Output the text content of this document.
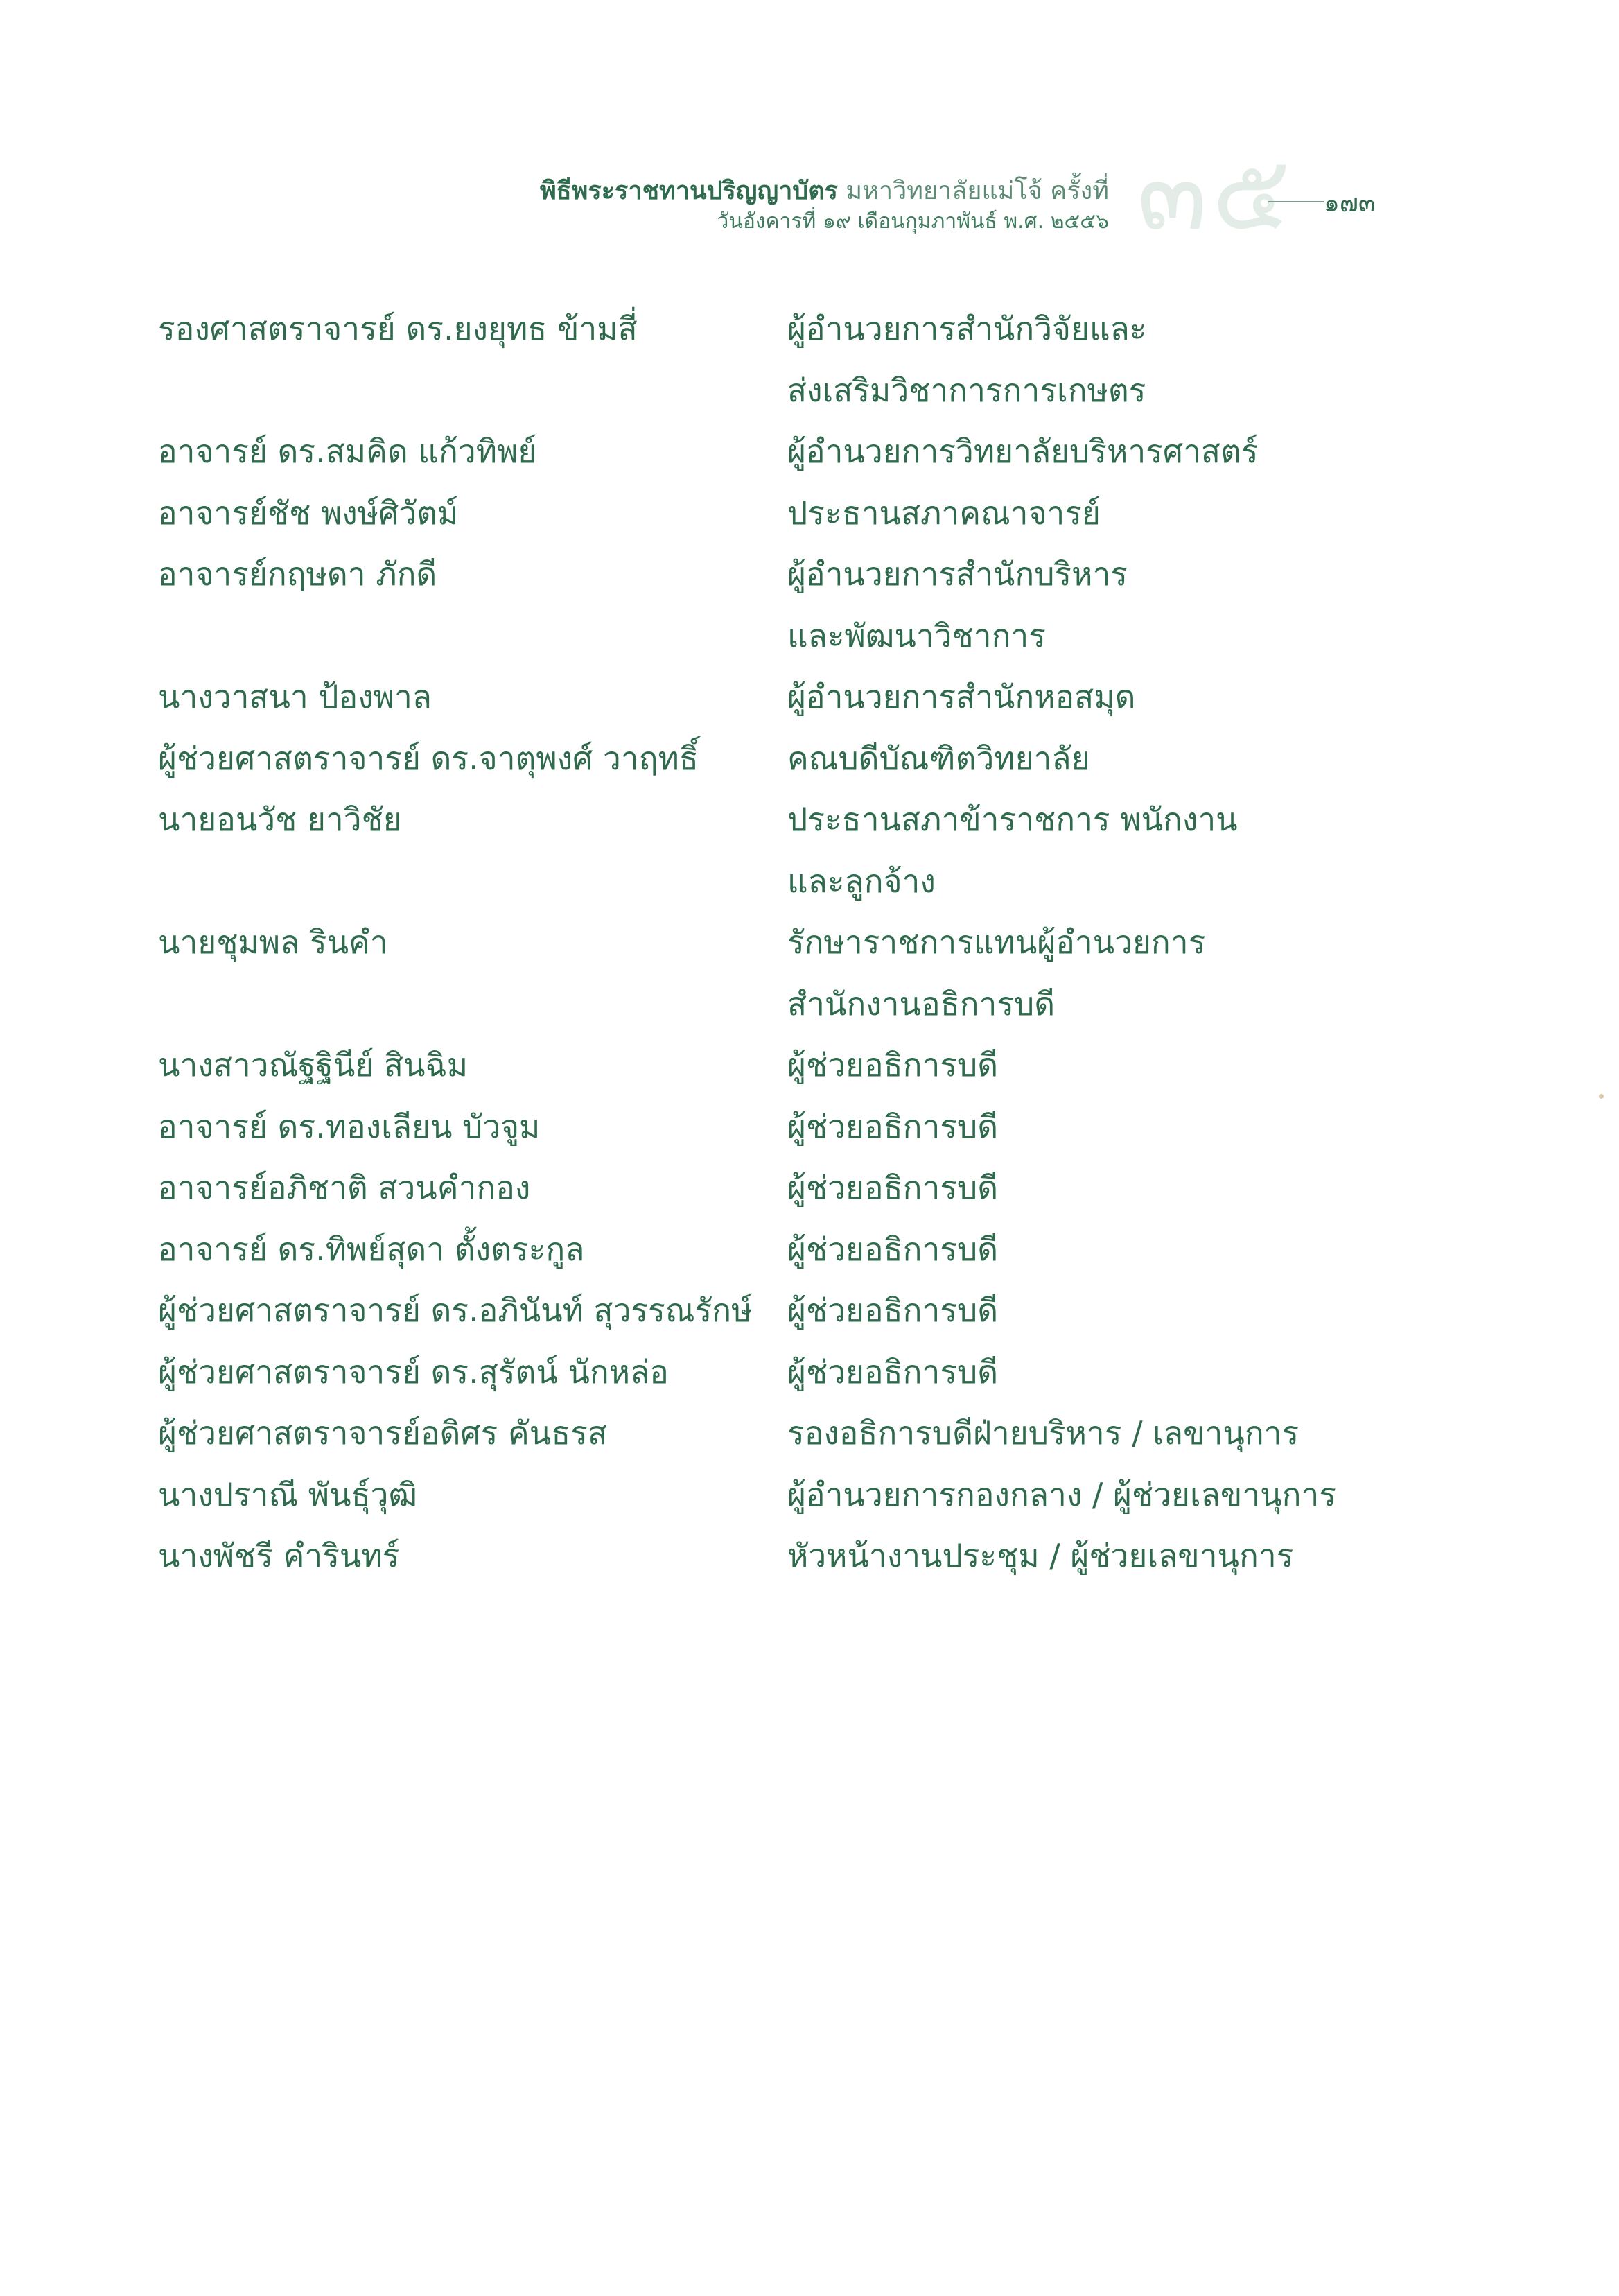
๓๕
พิธีพระราชทานปริญญาบัตร มหาวิทยาลัยแม่โจ้ ครั้งที่
วันอังคารที่ ๑๙ เดือนกุมภาพันธ์ พ.ศ. ๒๕๕๖
๑๗๓
รองศาสตราจารย์ ดร.ยงยุทธ ข้ามสี่	ผู้อำนวยการสำนักวิจัยและ
ส่งเสริมวิชาการการเกษตร
อาจารย์ ดร.สมคิด แก้วทิพย์	ผู้อำนวยการวิทยาลัยบริหารศาสตร์
อาจารย์ชัช พงษ์ศิวัตม์	ประธานสภาคณาจารย์
อาจารย์กฤษดา ภักดี	ผู้อำนวยการสำนักบริหาร
และพัฒนาวิชาการ
นางวาสนา ป้องพาล	ผู้อำนวยการสำนักหอสมุด
ผู้ช่วยศาสตราจารย์ ดร.จาตุพงศ์ วาฤทธิ์	คณบดีบัณฑิตวิทยาลัย
นายอนวัช ยาวิชัย	ประธานสภาข้าราชการ พนักงาน
และลูกจ้าง
นายชุมพล รินคำ	รักษาราชการแทนผู้อำนวยการ
สำนักงานอธิการบดี
นางสาวณัฐฐินีย์ สินฉิม	ผู้ช่วยอธิการบดี
อาจารย์ ดร.ทองเลียน บัวจูม	ผู้ช่วยอธิการบดี
อาจารย์อภิชาติ สวนคำกอง	ผู้ช่วยอธิการบดี
อาจารย์ ดร.ทิพย์สุดา ตั้งตระกูล	ผู้ช่วยอธิการบดี
ผู้ช่วยศาสตราจารย์ ดร.อภินันท์ สุวรรณรักษ์	ผู้ช่วยอธิการบดี
ผู้ช่วยศาสตราจารย์ ดร.สุรัตน์ นักหล่อ	ผู้ช่วยอธิการบดี
ผู้ช่วยศาสตราจารย์อดิศร คันธรส	รองอธิการบดีฝ่ายบริหาร / เลขานุการ
นางปราณี พันธุ์วุฒิ	ผู้อำนวยการกองกลาง / ผู้ช่วยเลขานุการ
นางพัชรี คำรินทร์	หัวหน้างานประชุม / ผู้ช่วยเลขานุการ
